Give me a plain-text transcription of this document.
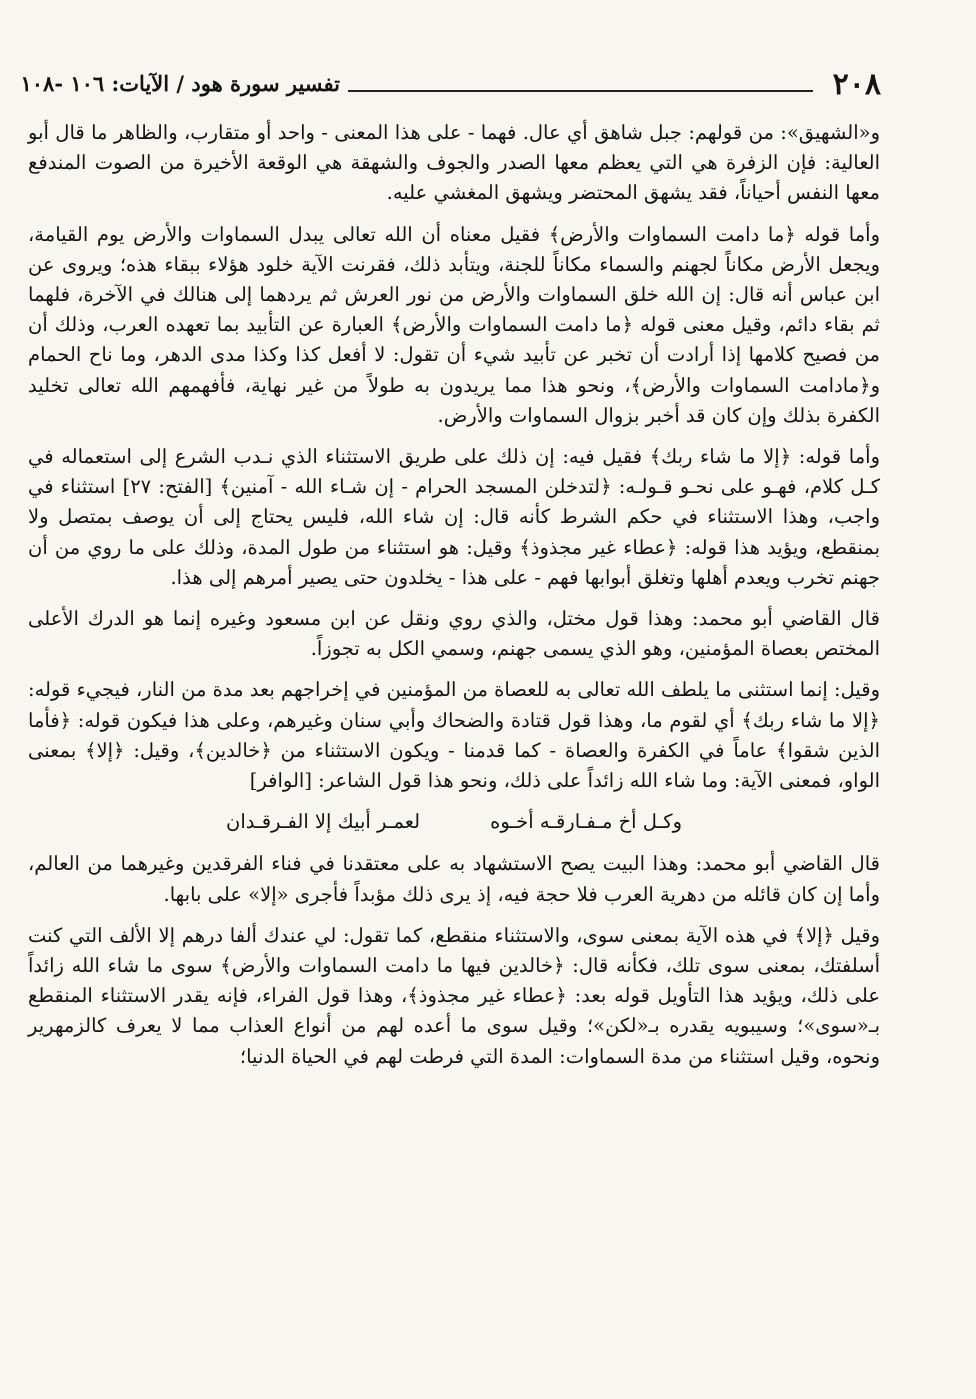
٢٠٨
تفسير سورة هود / الآيات: ١٠٦ -١٠٨

و«الشهيق»: من قولهم: جبل شاهق أي عال. فهما - على هذا المعنى - واحد أو متقارب، والظاهر ما قال أبو العالية: فإن الزفرة هي التي يعظم معها الصدر والجوف والشهقة هي الوقعة الأخيرة من الصوت المندفع معها النفس أحياناً، فقد يشهق المحتضر ويشهق المغشي عليه.

وأما قوله ﴿ما دامت السماوات والأرض﴾ فقيل معناه أن الله تعالى يبدل السماوات والأرض يوم القيامة، ويجعل الأرض مكاناً لجهنم والسماء مكاناً للجنة، ويتأبد ذلك، فقرنت الآية خلود هؤلاء ببقاء هذه؛ ويروى عن ابن عباس أنه قال: إن الله خلق السماوات والأرض من نور العرش ثم يردهما إلى هنالك في الآخرة، فلهما ثم بقاء دائم، وقيل معنى قوله ﴿ما دامت السماوات والأرض﴾ العبارة عن التأبيد بما تعهده العرب، وذلك أن من فصيح كلامها إذا أرادت أن تخبر عن تأبيد شيء أن تقول: لا أفعل كذا وكذا مدى الدهر، وما ناح الحمام و﴿مادامت السماوات والأرض﴾، ونحو هذا مما يريدون به طولاً من غير نهاية، فأفهمهم الله تعالى تخليد الكفرة بذلك وإن كان قد أخبر بزوال السماوات والأرض.

وأما قوله: ﴿إلا ما شاء ربك﴾ فقيل فيه: إن ذلك على طريق الاستثناء الذي نـدب الشرع إلى استعماله في كـل كلام، فهـو على نحـو قـولـه: ﴿لتدخلن المسجد الحرام - إن شـاء الله - آمنين﴾ [الفتح: ٢٧] استثناء في واجب، وهذا الاستثناء في حكم الشرط كأنه قال: إن شاء الله، فليس يحتاج إلى أن يوصف بمتصل ولا بمنقطع، ويؤيد هذا قوله: ﴿عطاء غير مجذوذ﴾ وقيل: هو استثناء من طول المدة، وذلك على ما روي من أن جهنم تخرب ويعدم أهلها وتغلق أبوابها فهم - على هذا - يخلدون حتى يصير أمرهم إلى هذا.

قال القاضي أبو محمد: وهذا قول مختل، والذي روي ونقل عن ابن مسعود وغيره إنما هو الدرك الأعلى المختص بعصاة المؤمنين، وهو الذي يسمى جهنم، وسمي الكل به تجوزاً.

وقيل: إنما استثنى ما يلطف الله تعالى به للعصاة من المؤمنين في إخراجهم بعد مدة من النار، فيجيء قوله: ﴿إلا ما شاء ربك﴾ أي لقوم ما، وهذا قول قتادة والضحاك وأبي سنان وغيرهم، وعلى هذا فيكون قوله: ﴿فأما الذين شقوا﴾ عاماً في الكفرة والعصاة - كما قدمنا - ويكون الاستثناء من ﴿خالدين﴾، وقيل: ﴿إلا﴾ بمعنى الواو، فمعنى الآية: وما شاء الله زائداً على ذلك، ونحو هذا قول الشاعر: [الوافر]

وكـل أخ مـفـارقـه أخـوه
لعمـر أبيك إلا الفـرقـدان

قال القاضي أبو محمد: وهذا البيت يصح الاستشهاد به على معتقدنا في فناء الفرقدين وغيرهما من العالم، وأما إن كان قائله من دهرية العرب فلا حجة فيه، إذ يرى ذلك مؤبداً فأجرى «إلا» على بابها.

وقيل ﴿إلا﴾ في هذه الآية بمعنى سوى، والاستثناء منقطع، كما تقول: لي عندك ألفا درهم إلا الألف التي كنت أسلفتك، بمعنى سوى تلك، فكأنه قال: ﴿خالدين فيها ما دامت السماوات والأرض﴾ سوى ما شاء الله زائداً على ذلك، ويؤيد هذا التأويل قوله بعد: ﴿عطاء غير مجذوذ﴾، وهذا قول الفراء، فإنه يقدر الاستثناء المنقطع بـ«سوى»؛ وسيبويه يقدره بـ«لكن»؛ وقيل سوى ما أعده لهم من أنواع العذاب مما لا يعرف كالزمهرير ونحوه، وقيل استثناء من مدة السماوات: المدة التي فرطت لهم في الحياة الدنيا؛
